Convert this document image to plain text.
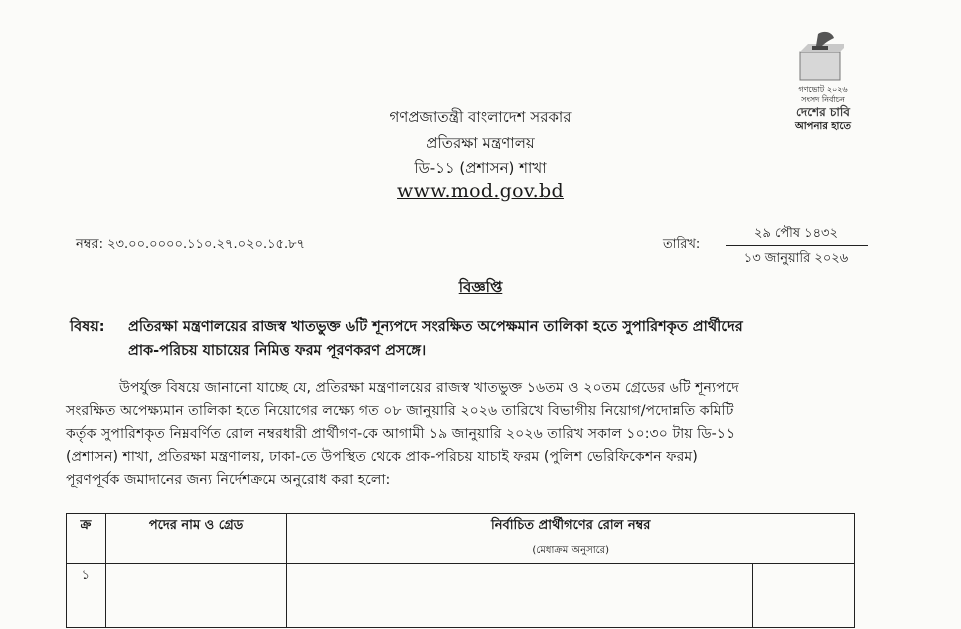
গণভোট ২০২৬
সংসদ নির্বাচন
দেশের চাবি
আপনার হাতে
গণপ্রজাতন্ত্রী বাংলাদেশ সরকার
প্রতিরক্ষা মন্ত্রণালয়
ডি-১১ (প্রশাসন) শাখা
www.mod.gov.bd
নম্বর: ২৩.০০.০০০০.১১০.২৭.০২০.১৫.৮৭	তারিখ:
২৯ পৌষ ১৪৩২
১৩ জানুয়ারি ২০২৬
বিজ্ঞপ্তি
বিষয়: প্রতিরক্ষা মন্ত্রণালয়ের রাজস্ব খাতভুক্ত ৬টি শূন্যপদে সংরক্ষিত অপেক্ষমান তালিকা হতে সুপারিশকৃত প্রার্থীদের
প্রাক-পরিচয় যাচায়ের নিমিত্ত ফরম পূরণকরণ প্রসঙ্গে।
উপর্যুক্ত বিষয়ে জানানো যাচ্ছে যে, প্রতিরক্ষা মন্ত্রণালয়ের রাজস্ব খাতভুক্ত ১৬তম ও ২০তম গ্রেডের ৬টি শূন্যপদে
সংরক্ষিত অপেক্ষ্যমান তালিকা হতে নিয়োগের লক্ষ্যে গত ০৮ জানুয়ারি ২০২৬ তারিখে বিভাগীয় নিয়োগ/পদোন্নতি কমিটি
কর্তৃক সুপারিশকৃত নিম্নবর্ণিত রোল নম্বরধারী প্রার্থীগণ-কে আগামী ১৯ জানুয়ারি ২০২৬ তারিখ সকাল ১০:৩০ টায় ডি-১১
(প্রশাসন) শাখা, প্রতিরক্ষা মন্ত্রণালয়, ঢাকা-তে উপস্থিত থেকে প্রাক-পরিচয় যাচাই ফরম (পুলিশ ভেরিফিকেশন ফরম)
পূরণপূর্বক জমাদানের জন্য নির্দেশক্রমে অনুরোধ করা হলো:
ক্র	পদের নাম ও গ্রেড	নির্বাচিত প্রার্থীগণের রোল নম্বর
(মেধাক্রম অনুসারে)	

১			
